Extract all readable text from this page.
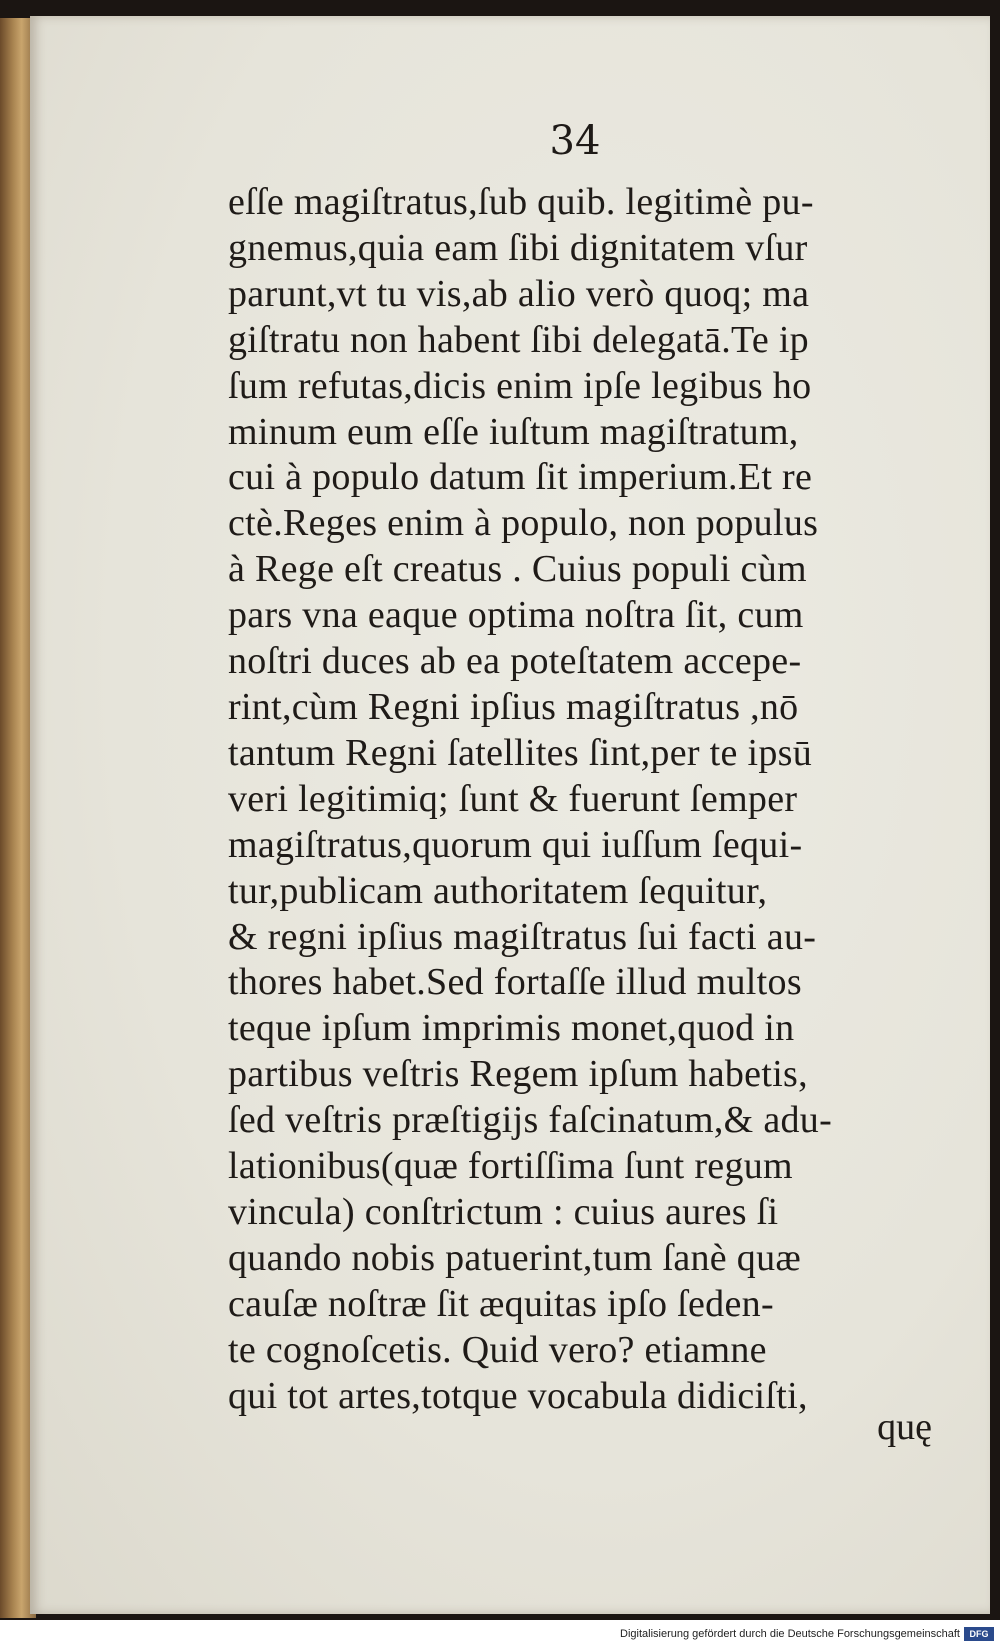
34
eſſe magiſtratus,ſub quib. legitimè pu-
gnemus,quia eam ſibi dignitatem vſur
parunt,vt tu vis,ab alio verò quoq; ma
giſtratu non habent ſibi delegatā.Te ip
ſum refutas,dicis enim ipſe legibus ho
minum eum eſſe iuſtum magiſtratum,
cui à populo datum ſit imperium.Et re
ctè.Reges enim à populo, non populus
à Rege eſt creatus . Cuius populi cùm
pars vna eaque optima noſtra ſit, cum
noſtri duces ab ea poteſtatem accepe-
rint,cùm Regni ipſius magiſtratus ,nō
tantum Regni ſatellites ſint,per te ipsū
veri legitimiq; ſunt & fuerunt ſemper
magiſtratus,quorum qui iuſſum ſequi-
tur,publicam authoritatem ſequitur,
& regni ipſius magiſtratus ſui facti au-
thores habet.Sed fortaſſe illud multos
teque ipſum imprimis monet,quod in
partibus veſtris Regem ipſum habetis,
ſed veſtris præſtigijs faſcinatum,& adu-
lationibus(quæ fortiſſima ſunt regum
vincula) conſtrictum : cuius aures ſi
quando nobis patuerint,tum ſanè quæ
cauſæ noſtræ ſit æquitas ipſo ſeden-
te cognoſcetis. Quid vero? etiamne
qui tot artes,totque vocabula didiciſti,
quę
Digitalisierung gefördert durch die Deutsche Forschungsgemeinschaft	DFG
